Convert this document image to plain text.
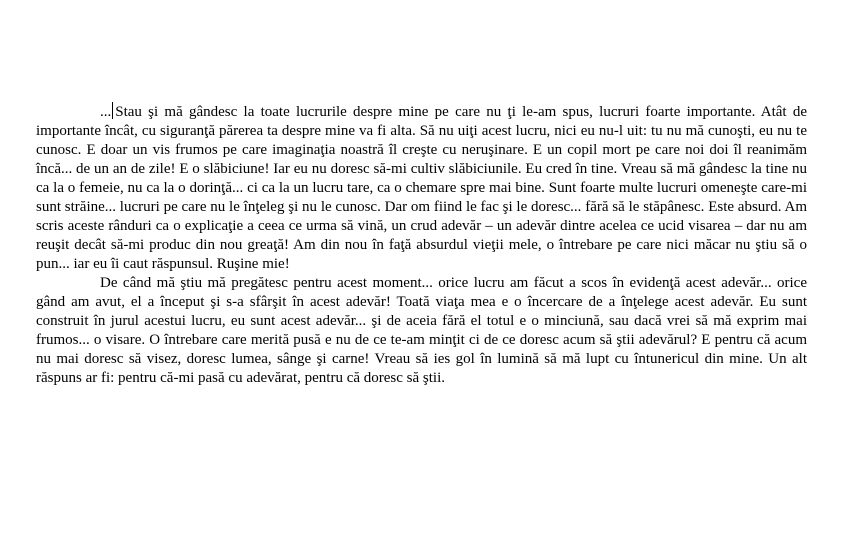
... Stau şi mă gândesc la toate lucrurile despre mine pe care nu ţi le-am spus, lucruri foarte importante. Atât de importante încât, cu siguranţă părerea ta despre mine va fi alta. Să nu uiţi acest lucru, nici eu nu-l uit: tu nu mă cunoşti, eu nu te cunosc. E doar un vis frumos pe care imaginaţia noastră îl creşte cu neruşinare. E un copil mort pe care noi doi îl reanimăm încă... de un an de zile! E o slăbiciune! Iar eu nu doresc să-mi cultiv slăbiciunile. Eu cred în tine. Vreau să mă gândesc la tine nu ca la o femeie, nu ca la o dorinţă... ci ca la un lucru tare, ca o chemare spre mai bine. Sunt foarte multe lucruri omeneşte care-mi sunt străine... lucruri pe care nu le înţeleg şi nu le cunosc. Dar om fiind le fac şi le doresc... fără să le stăpânesc. Este absurd. Am scris aceste rânduri ca o explicaţie a ceea ce urma să vină, un crud adevăr – un adevăr dintre acelea ce ucid visarea – dar nu am reuşit decât să-mi produc din nou greaţă! Am din nou în faţă absurdul vieţii mele, o întrebare pe care nici măcar nu ştiu să o pun... iar eu îi caut răspunsul. Ruşine mie!

De când mă ştiu mă pregătesc pentru acest moment... orice lucru am făcut a scos în evidenţă acest adevăr... orice gând am avut, el a început şi s-a sfârşit în acest adevăr! Toată viaţa mea e o încercare de a înţelege acest adevăr. Eu sunt construit în jurul acestui lucru, eu sunt acest adevăr... şi de aceia fără el totul e o minciună, sau dacă vrei să mă exprim mai frumos... o visare. O întrebare care merită pusă e nu de ce te-am minţit ci de ce doresc acum să ştii adevărul? E pentru că acum nu mai doresc să visez, doresc lumea, sânge şi carne! Vreau să ies gol în lumină să mă lupt cu întunericul din mine. Un alt răspuns ar fi: pentru că-mi pasă cu adevărat, pentru că doresc să ştii.
